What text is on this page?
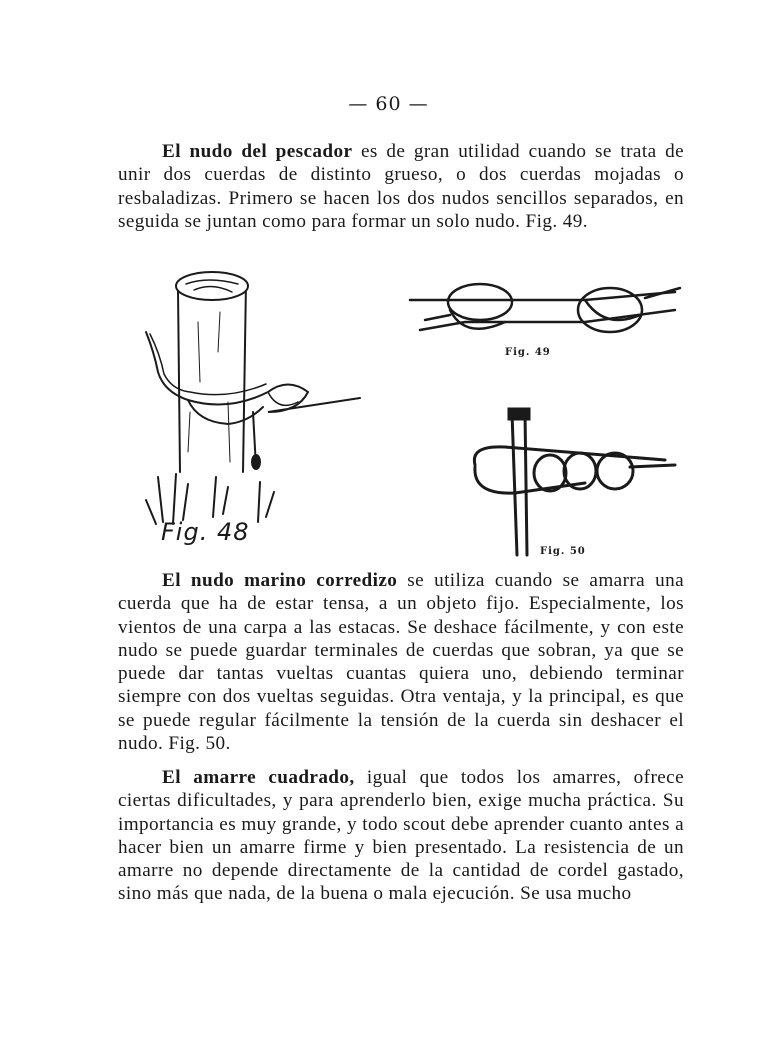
— 60 —

El nudo del pescador es de gran utilidad cuando se trata de unir dos cuerdas de distinto grueso, o dos cuerdas mojadas o resbaladizas. Primero se hacen los dos nudos sencillos separados, en seguida se juntan como para formar un solo nudo. Fig. 49.

Fig. 48
Fig. 49
Fig. 50

El nudo marino corredizo se utiliza cuando se amarra una cuerda que ha de estar tensa, a un objeto fijo. Especialmente, los vientos de una carpa a las estacas. Se deshace fácilmente, y con este nudo se puede guardar terminales de cuerdas que sobran, ya que se puede dar tantas vueltas cuantas quiera uno, debiendo terminar siempre con dos vueltas seguidas. Otra ventaja, y la principal, es que se puede regular fácilmente la tensión de la cuerda sin deshacer el nudo. Fig. 50.

El amarre cuadrado, igual que todos los amarres, ofrece ciertas dificultades, y para aprenderlo bien, exige mucha práctica. Su importancia es muy grande, y todo scout debe aprender cuanto antes a hacer bien un amarre firme y bien presentado. La resistencia de un amarre no depende directamente de la cantidad de cordel gastado, sino más que nada, de la buena o mala ejecución. Se usa mucho
